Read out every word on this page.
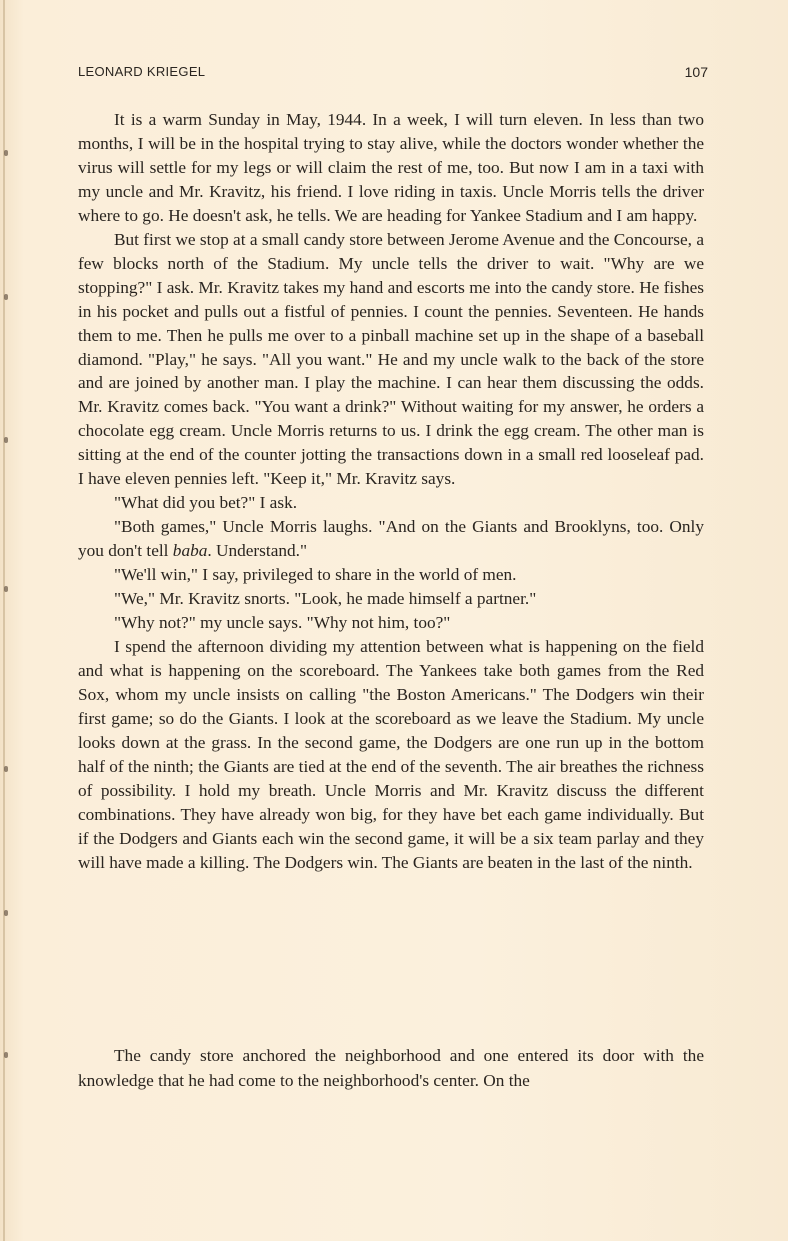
LEONARD KRIEGEL	107

It is a warm Sunday in May, 1944. In a week, I will turn eleven. In less than two months, I will be in the hospital trying to stay alive, while the doctors wonder whether the virus will settle for my legs or will claim the rest of me, too. But now I am in a taxi with my uncle and Mr. Kravitz, his friend. I love riding in taxis. Uncle Morris tells the driver where to go. He doesn't ask, he tells. We are heading for Yankee Stadium and I am happy.

But first we stop at a small candy store between Jerome Avenue and the Concourse, a few blocks north of the Stadium. My uncle tells the driver to wait. "Why are we stopping?" I ask. Mr. Kravitz takes my hand and escorts me into the candy store. He fishes in his pocket and pulls out a fistful of pennies. I count the pennies. Seventeen. He hands them to me. Then he pulls me over to a pinball machine set up in the shape of a baseball diamond. "Play," he says. "All you want." He and my uncle walk to the back of the store and are joined by another man. I play the machine. I can hear them discussing the odds. Mr. Kravitz comes back. "You want a drink?" Without waiting for my answer, he orders a chocolate egg cream. Uncle Morris returns to us. I drink the egg cream. The other man is sitting at the end of the counter jotting the transactions down in a small red looseleaf pad. I have eleven pennies left. "Keep it," Mr. Kravitz says.

"What did you bet?" I ask.

"Both games," Uncle Morris laughs. "And on the Giants and Brooklyns, too. Only you don't tell baba. Understand."

"We'll win," I say, privileged to share in the world of men.

"We," Mr. Kravitz snorts. "Look, he made himself a partner."

"Why not?" my uncle says. "Why not him, too?"

I spend the afternoon dividing my attention between what is happening on the field and what is happening on the scoreboard. The Yankees take both games from the Red Sox, whom my uncle insists on calling "the Boston Americans." The Dodgers win their first game; so do the Giants. I look at the scoreboard as we leave the Stadium. My uncle looks down at the grass. In the second game, the Dodgers are one run up in the bottom half of the ninth; the Giants are tied at the end of the seventh. The air breathes the richness of possibility. I hold my breath. Uncle Morris and Mr. Kravitz discuss the different combinations. They have already won big, for they have bet each game individually. But if the Dodgers and Giants each win the second game, it will be a six team parlay and they will have made a killing. The Dodgers win. The Giants are beaten in the last of the ninth.

The candy store anchored the neighborhood and one entered its door with the knowledge that he had come to the neighborhood's center. On the
